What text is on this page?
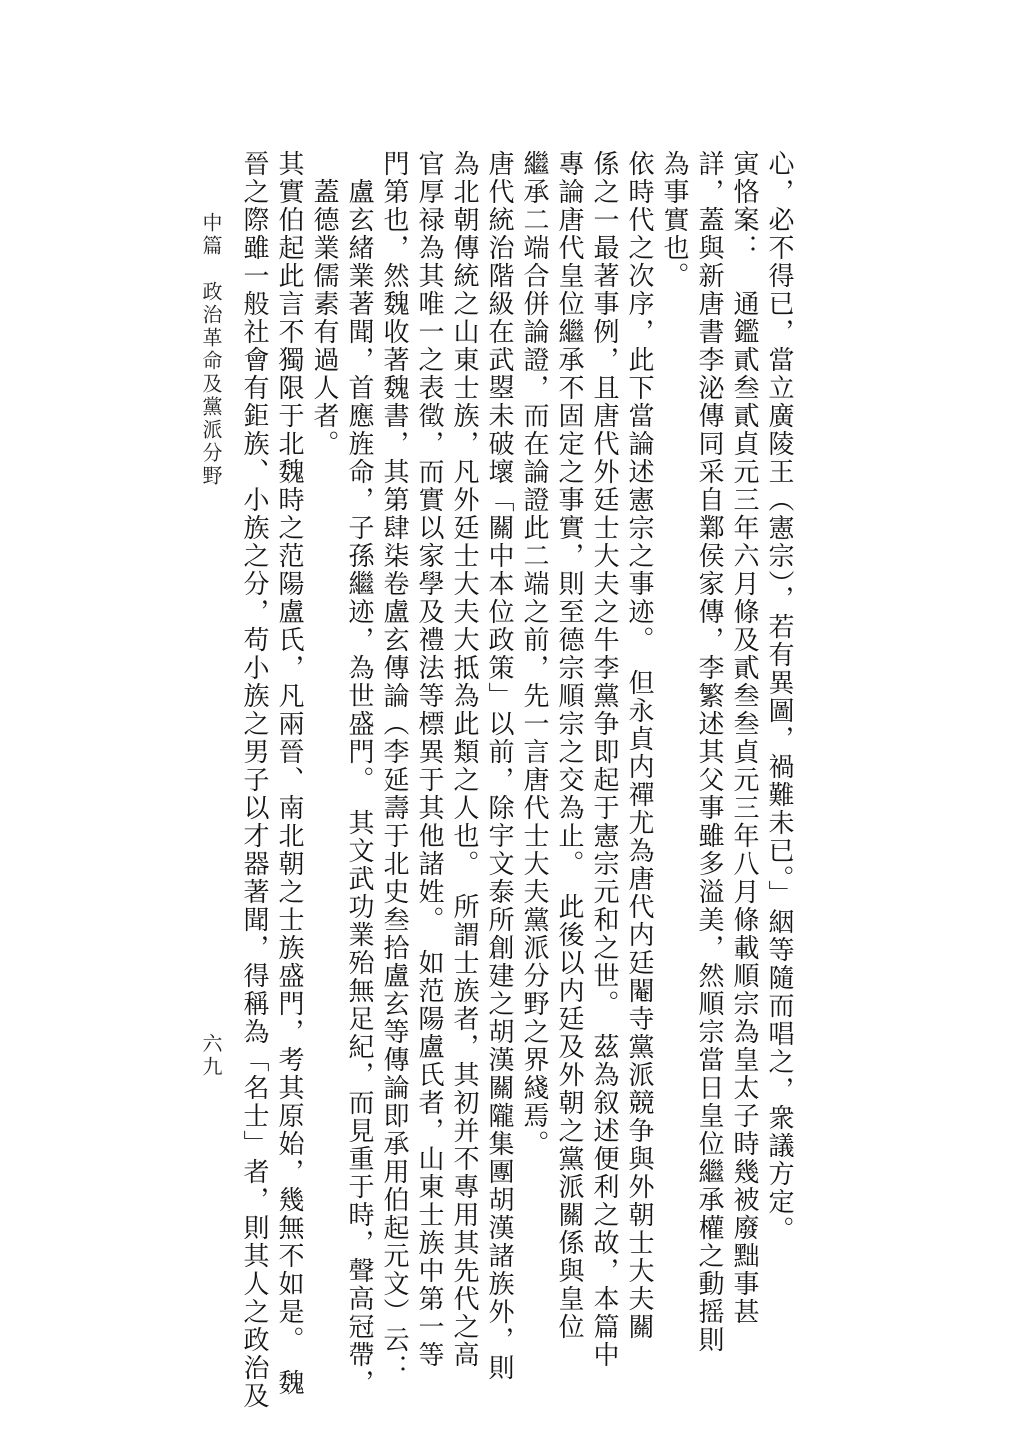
心，必不得已，當立廣陵王（憲宗），若有異圖，禍難未已。」絪等隨而唱之，衆議方定。
寅恪案：　通鑑貳叁貳貞元三年六月條及貳叁叁貞元三年八月條載順宗為皇太子時幾被廢黜事甚
詳，蓋與新唐書李泌傳同采自鄴侯家傳，李繁述其父事雖多溢美，然順宗當日皇位繼承權之動摇則
為事實也。
依時代之次序，此下當論述憲宗之事迹。　但永貞内禪尤為唐代内廷閹寺黨派競争與外朝士大夫關
係之一最著事例，且唐代外廷士大夫之牛李黨争即起于憲宗元和之世。　茲為叙述便利之故，本篇中
專論唐代皇位繼承不固定之事實，則至德宗順宗之交為止。　此後以内廷及外朝之黨派關係與皇位
繼承二端合併論證，而在論證此二端之前，先一言唐代士大夫黨派分野之界綫焉。
唐代統治階級在武曌未破壞「關中本位政策」以前，除宇文泰所創建之胡漢關隴集團胡漢諸族外，則
為北朝傳統之山東士族，凡外廷士大夫大抵為此類之人也。　所謂士族者，其初并不專用其先代之高
官厚禄為其唯一之表徵，而實以家學及禮法等標異于其他諸姓。　如范陽盧氏者，山東士族中第一等
門第也，然魏收著魏書，其第肆柒卷盧玄傳論（李延壽于北史叁拾盧玄等傳論即承用伯起元文）云：
盧玄緒業著聞，首應旌命，子孫繼迹，為世盛門。　其文武功業殆無足紀，而見重于時，聲高冠帶，
蓋德業儒素有過人者。
其實伯起此言不獨限于北魏時之范陽盧氏，凡兩晉、南北朝之士族盛門，考其原始，幾無不如是。　魏
晉之際雖一般社會有鉅族、小族之分，苟小族之男子以才器著聞，得稱為「名士」者，則其人之政治及
中篇　政治革命及黨派分野
六九
